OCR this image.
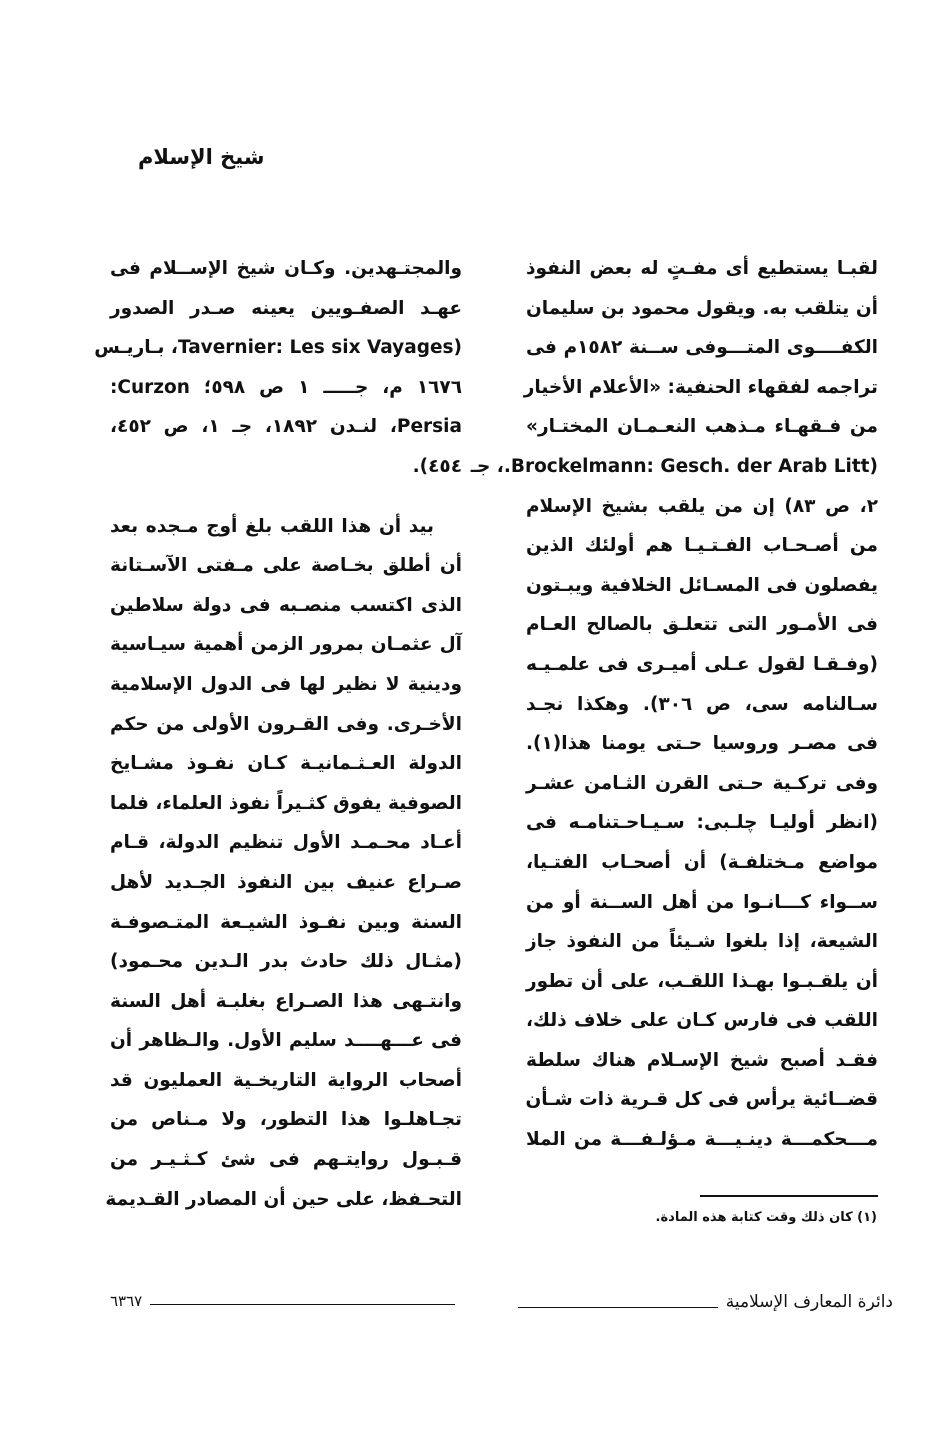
شيخ الإسلام
لقبـا يستطيع أى مفـتٍ له بعض النفوذ
أن يتلقب به. ويقول محمود بن سليمان
الكفــــوى المتـــوفى ســنة ١٥٨٢م فى
تراجمه لفقهاء الحنفية: «الأعلام الأخيار
من فـقهـاء مـذهب النعـمـان المختـار»
(Brockelmann: Gesch. der Arab Litt.، جـ
٢، ص ٨٣) إن من يلقب بشيخ الإسلام
من أصـحـاب الفـتـيـا هم أولئك الذين
يفصلون فى المسـائل الخلافية ويبـتون
فى الأمـور التى تتعلـق بالصالح العـام
(وفـقـا لقول عـلى أميـرى فى علمـيـه
سـالنامه سى، ص ٣٠٦). وهكذا نجـد
فى مصـر وروسيا حـتى يومنا هذا(١).
وفى تركـية حـتى القرن الثـامن عشـر
(انظر أوليـا چلـبى: سـيـاحـتنامـه فى
مواضع مـختلفـة) أن أصحـاب الفتـيا،
ســواء كـــانـوا من أهل الســنة أو من
الشيعة، إذا بلغوا شـيئاً من النفوذ جاز
أن يلقـبـوا بهـذا اللقـب، على أن تطور
اللقب فى فارس كـان على خلاف ذلك،
فقـد أصبح شيخ الإسـلام هناك سلطة
قضــائية يرأس فى كل قـرية ذات شـأن
مـــحكمـــة دينـيـــة مـؤلـفـــة من الملا
والمجتـهدين. وكـان شيخ الإســلام فى
عهـد الصفـويين يعينه صـدر الصدور
(Tavernier: Les six Vayages، بـاريـس
١٦٧٦ م، جـــــ ١ ص ٥٩٨؛ Curzon:
Persia، لنـدن ١٨٩٢، جـ ١، ص ٤٥٢،
٤٥٤).
بيد أن هذا اللقب بلغ أوج مـجده بعد
أن أطلق بخـاصة على مـفتى الآسـتانة
الذى اكتسب منصـبه فى دولة سلاطين
آل عثمـان بمرور الزمن أهمية سيـاسية
ودينية لا نظير لها فى الدول الإسلامية
الأخـرى. وفى القـرون الأولى من حكم
الدولة العـثـمانيـة كـان نفـوذ مشـايخ
الصوفية يفوق كثـيراً نفوذ العلماء، فلما
أعـاد محـمـد الأول تنظيم الدولة، قـام
صـراع عنيف بين النفوذ الجـديد لأهل
السنة وبين نفـوذ الشيـعة المتـصوفـة
(مثـال ذلك حادث بدر الـدين محـمود)
وانتـهى هذا الصـراع بغلبـة أهل السنة
فى عـــهــــد سليم الأول. والـظاهر أن
أصحاب الرواية التاريخـية العمليون قد
تجـاهلـوا هذا التطور، ولا مـناص من
قـبـول روايتـهم فى شئ كـثـيـر من
التحـفظ، على حين أن المصادر القـديمة
(١) كان ذلك وقت كتابة هذه المادة.
دائرة المعارف الإسلامية
٦٣٦٧
